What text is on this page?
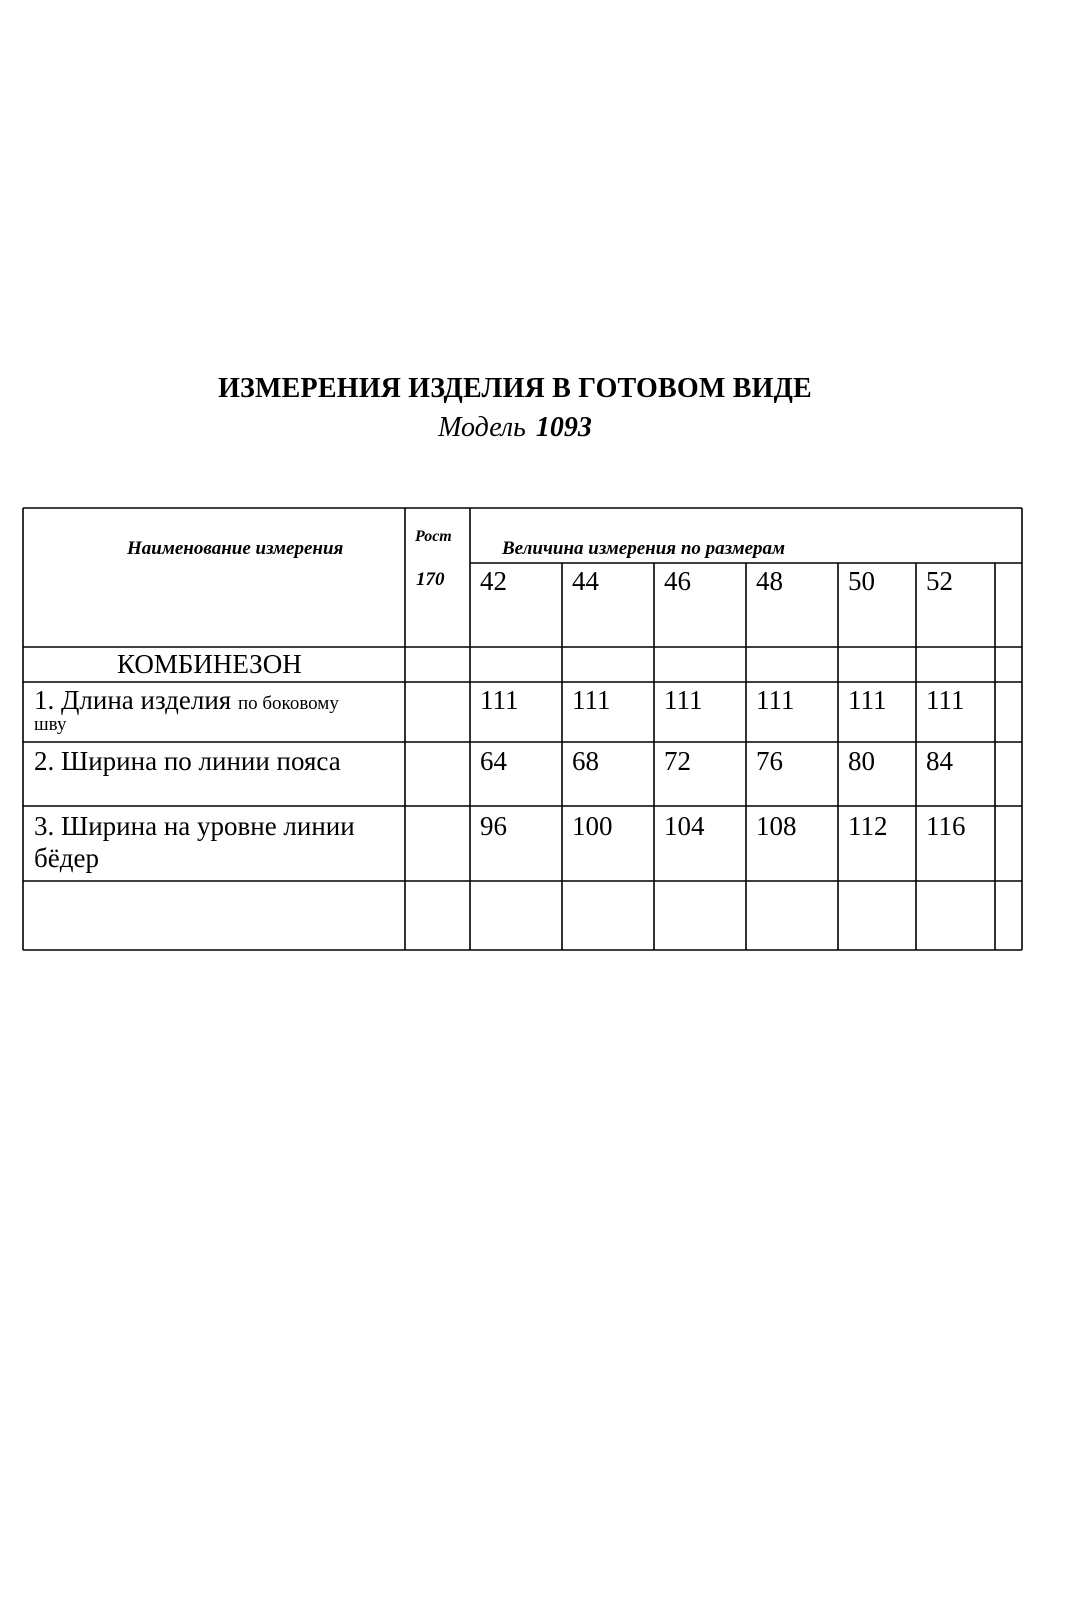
ИЗМЕРЕНИЯ ИЗДЕЛИЯ В ГОТОВОМ ВИДЕ
Модель 1093
Наименование измерения
Рост
170
Величина измерения по размерам
42 44 46 48 50 52
КОМБИНЕЗОН
1. Длина изделия по боковому
шву
111 111 111 111 111 111
2. Ширина по линии пояса	64 68 72 76 80 84
3. Ширина на уровне линии
бёдер
96 100 104 108 112 116
